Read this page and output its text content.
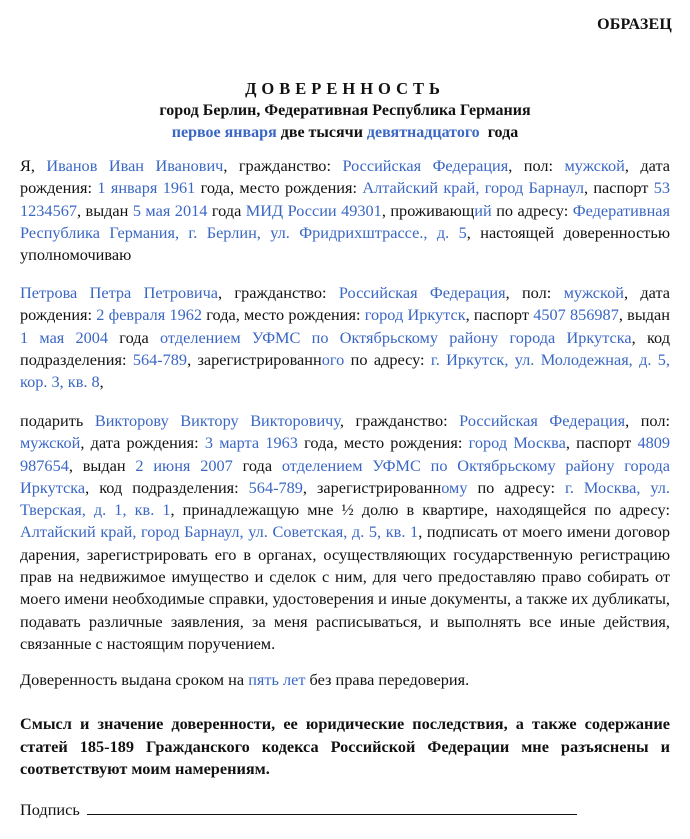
ОБРАЗЕЦ
ДОВЕРЕННОСТЬ
город Берлин, Федеративная Республика Германия
первое января две тысячи девятнадцатого  года

Я, Иванов Иван Иванович, гражданство: Российская Федерация, пол: мужской, дата рождения: 1 января 1961 года, место рождения: Алтайский край, город Барнаул, паспорт 53 1234567, выдан 5 мая 2014 года МИД России 49301, проживающий по адресу: Федеративная Республика Германия, г. Берлин, ул. Фридрихштрассе., д. 5, настоящей доверенностью уполномочиваю

Петрова Петра Петровича, гражданство: Российская Федерация, пол: мужской, дата рождения: 2 февраля 1962 года, место рождения: город Иркутск, паспорт 4507 856987, выдан 1 мая 2004 года отделением УФМС по Октябрьскому району города Иркутска, код подразделения: 564-789, зарегистрированного по адресу: г. Иркутск, ул. Молодежная, д. 5, кор. 3, кв. 8,

подарить Викторову Виктору Викторовичу, гражданство: Российская Федерация, пол: мужской, дата рождения: 3 марта 1963 года, место рождения: город Москва, паспорт 4809 987654, выдан 2 июня 2007 года отделением УФМС по Октябрьскому району города Иркутска, код подразделения: 564-789, зарегистрированному по адресу: г. Москва, ул. Тверская, д. 1, кв. 1, принадлежащую мне ½ долю в квартире, находящейся по адресу: Алтайский край, город Барнаул, ул. Советская, д. 5, кв. 1, подписать от моего имени договор дарения, зарегистрировать его в органах, осуществляющих государственную регистрацию прав на недвижимое имущество и сделок с ним, для чего предоставляю право собирать от моего имени необходимые справки, удостоверения и иные документы, а также их дубликаты, подавать различные заявления, за меня расписываться, и выполнять все иные действия, связанные с настоящим поручением.

Доверенность выдана сроком на пять лет без права передоверия.

Смысл и значение доверенности, ее юридические последствия, а также содержание статей 185-189 Гражданского кодекса Российской Федерации мне разъяснены и соответствуют моим намерениям.

Подпись
